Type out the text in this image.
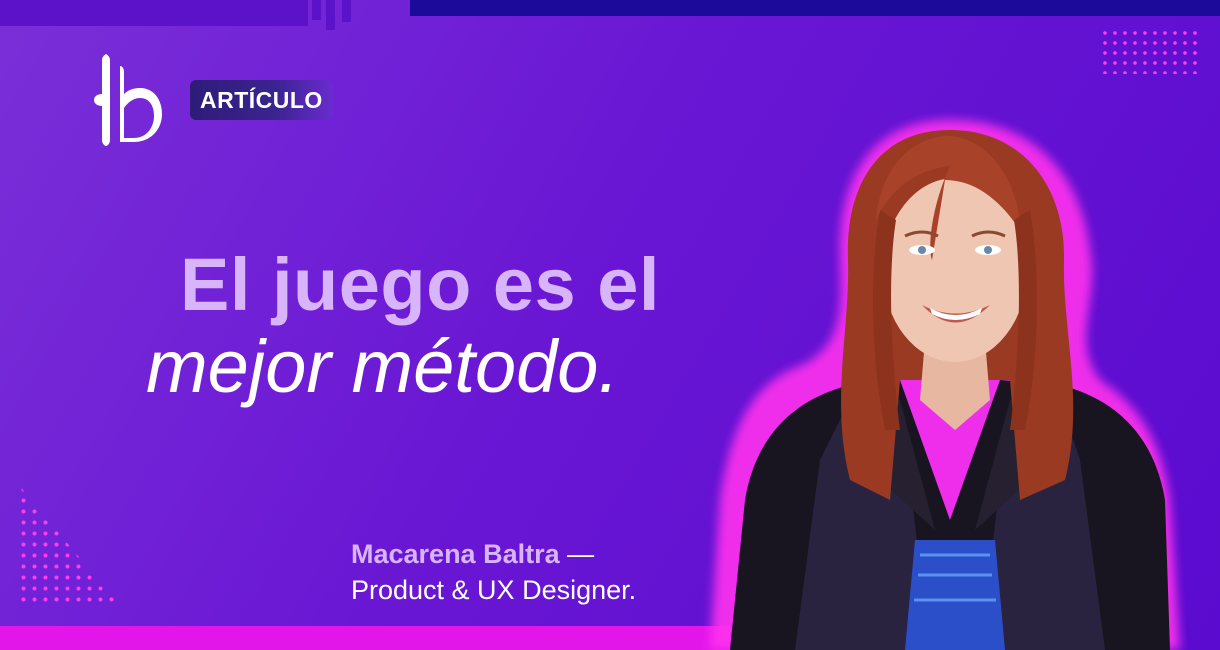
ARTÍCULO
El juego es el
mejor método.
Macarena Baltra —
Product & UX Designer.
